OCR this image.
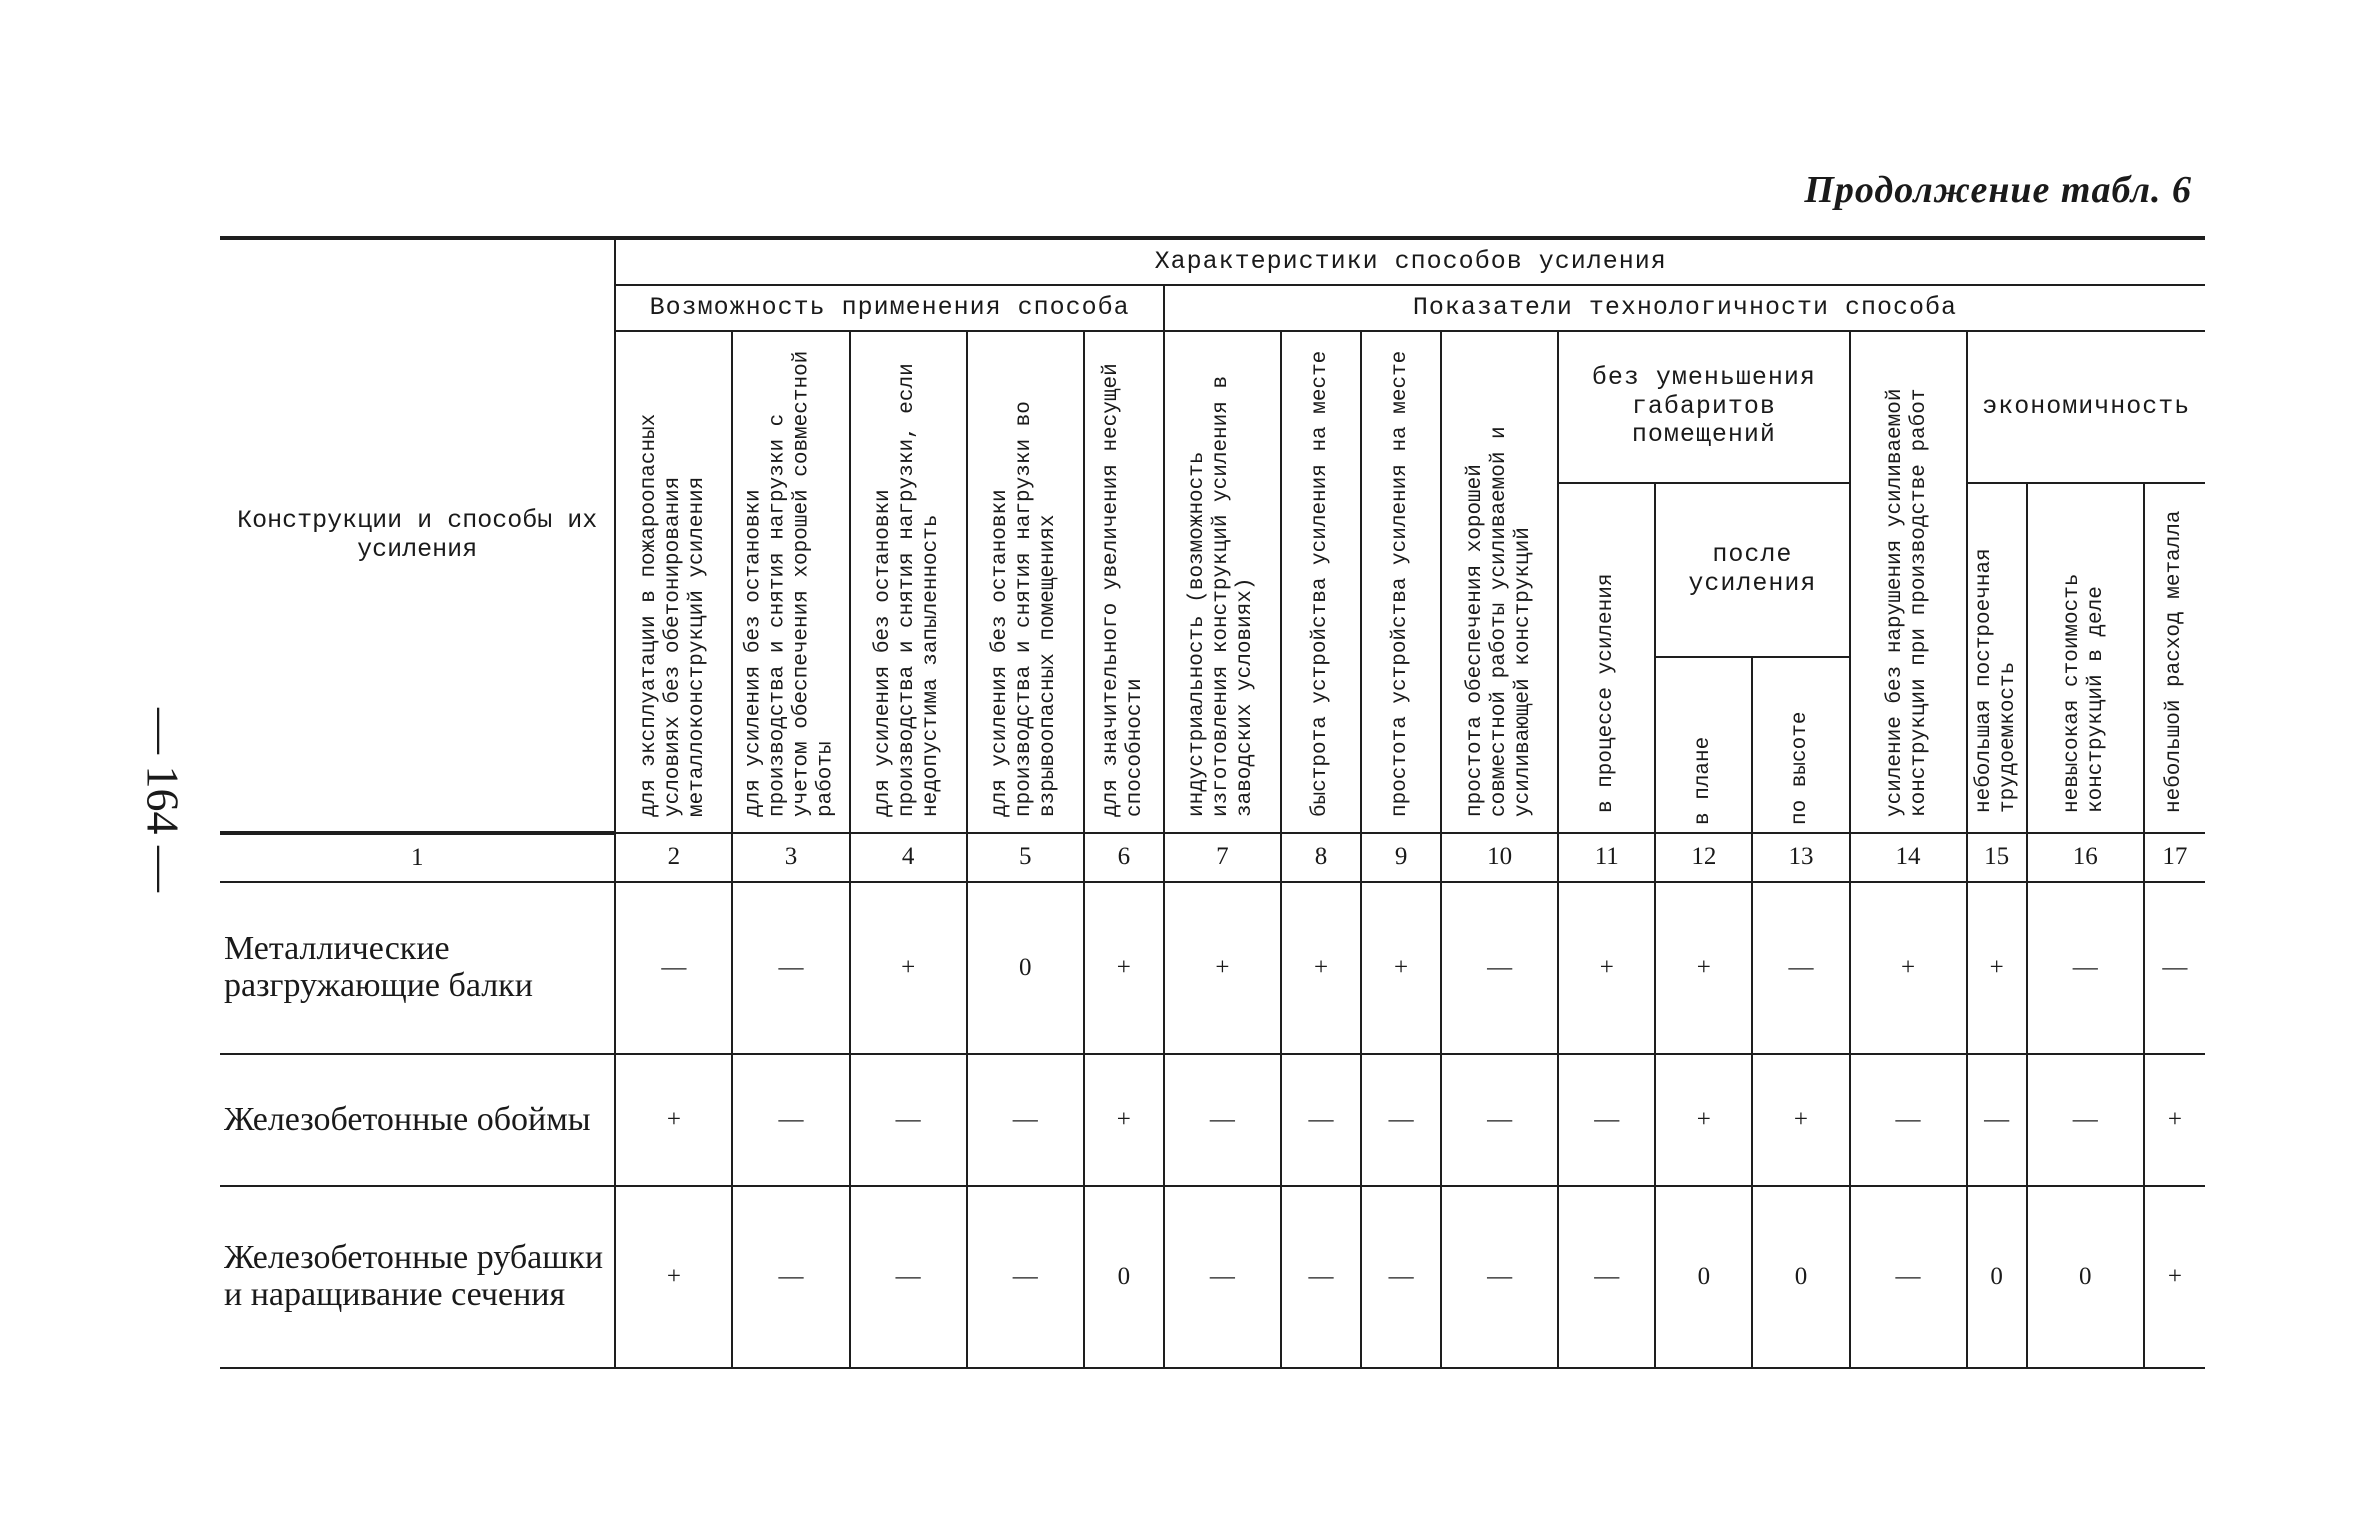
— 164 —
Продолжение табл. 6
Конструкции и способы их усиления	Характеристики способов усиления															
	Возможность применения способа					Показатели технологичности способа										

	для эксплуатации в пожароопасных условиях без обетонирования металлоконструкций усиления	для усиления без остановки производства и снятия нагрузки с учетом обеспечения хорошей совместной работы	для усиления без остановки производства и снятия нагрузки, если недопустима запыленность	для усиления без остановки производства и снятия нагрузки во взрывоопасных помещениях	для значительного увеличения несущей способности	индустриальность (возможность изготовления конструкций усиления в заводских условиях)	быстрота устройства усиления на месте	простота устройства усиления на месте	простота обеспечения хорошей совместной работы усиливаемой и усиливающей конструкций	без уменьшения габаритов помещений			усиление без нарушения усиливаемой конструкции при производстве работ	экономичность		

										в процессе усиления	после усиления			небольшая построечная трудоемкость	невысокая стоимость конструкций в деле	небольшой расход металла

											в плане	по высоте				

1	2	3	4	5	6	7	8	9	10	11	12	13	14	15	16	17
Металлические разгружающие балки	—	—	+	0	+	+	+	+	—	+	+	—	+	+	—	—
Железобетонные обоймы	+	—	—	—	+	—	—	—	—	—	+	+	—	—	—	+
Железобетонные рубашки и наращивание сечения	+	—	—	—	0	—	—	—	—	—	0	0	—	0	0	+
